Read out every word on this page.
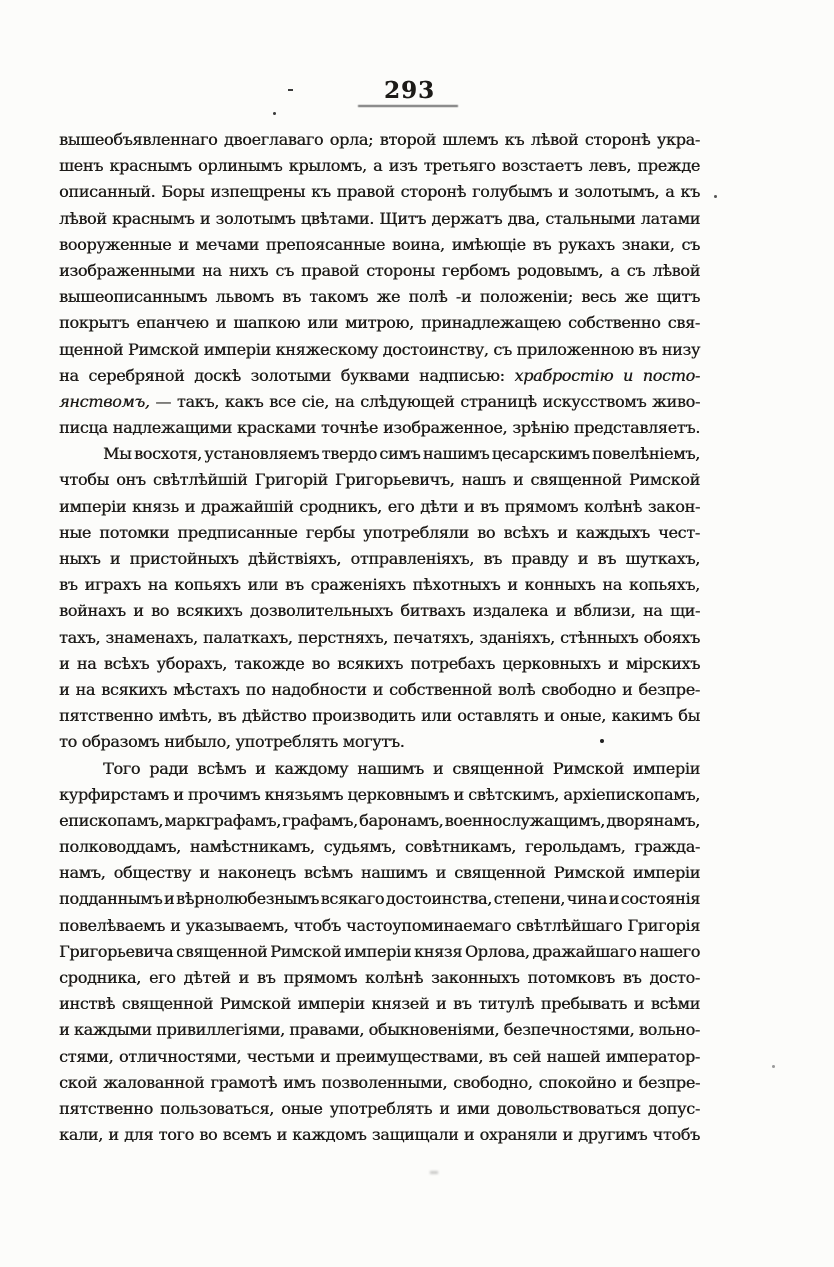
293
вышеобъявленнаго двоеглаваго орла; второй шлемъ къ лѣвой сторонѣ укра-
шенъ краснымъ орлинымъ крыломъ, а изъ третьяго возстаетъ левъ, прежде
описанный. Боры изпещрены къ правой сторонѣ голубымъ и золотымъ, а къ
лѣвой краснымъ и золотымъ цвѣтами. Щитъ держатъ два, стальными латами
вооруженные и мечами препоясанные воина, имѣющіе въ рукахъ знаки, съ
изображенными на нихъ съ правой стороны гербомъ родовымъ, а съ лѣвой
вышеописаннымъ львомъ въ такомъ же полѣ -и положеніи; весь же щитъ
покрытъ епанчею и шапкою или митрою, принадлежащею собственно свя-
щенной Римской имперіи княжескому достоинству, съ приложенною въ низу
на серебряной доскѣ золотыми буквами надписью: храбростію и посто-
янствомъ, — такъ, какъ все сіе, на слѣдующей страницѣ искусствомъ живо-
писца надлежащими красками точнѣе изображенное, зрѣнію представляетъ.
Мы восхотя, установляемъ твердо симъ нашимъ цесарскимъ повелѣніемъ,
чтобы онъ свѣтлѣйшій Григорій Григорьевичъ, нашъ и священной Римской
имперіи князь и дражайшій сродникъ, его дѣти и въ прямомъ колѣнѣ закон-
ные потомки предписанные гербы употребляли во всѣхъ и каждыхъ чест-
ныхъ и пристойныхъ дѣйствіяхъ, отправленіяхъ, въ правду и въ шуткахъ,
въ играхъ на копьяхъ или въ сраженіяхъ пѣхотныхъ и конныхъ на копьяхъ,
войнахъ и во всякихъ дозволительныхъ битвахъ издалека и вблизи, на щи-
тахъ, знаменахъ, палаткахъ, перстняхъ, печатяхъ, зданіяхъ, стѣнныхъ обояхъ
и на всѣхъ уборахъ, такожде во всякихъ потребахъ церковныхъ и мірскихъ
и на всякихъ мѣстахъ по надобности и собственной волѣ свободно и безпре-
пятственно имѣть, въ дѣйство производить или оставлять и оные, какимъ бы
то образомъ нибыло, употреблять могутъ.
Того ради всѣмъ и каждому нашимъ и священной Римской имперіи
курфирстамъ и прочимъ князьямъ церковнымъ и свѣтскимъ, архіепископамъ,
епископамъ, маркграфамъ, графамъ, баронамъ, военнослужащимъ, дворянамъ,
полководдамъ, намѣстникамъ, судьямъ, совѣтникамъ, герольдамъ, гражда-
намъ, обществу и наконецъ всѣмъ нашимъ и священной Римской имперіи
подданнымъ и вѣрнолюбезнымъ всякаго достоинства, степени, чина и состоянія
повелѣваемъ и указываемъ, чтобъ частоупоминаемаго свѣтлѣйшаго Григорія
Григорьевича священной Римской имперіи князя Орлова, дражайшаго нашего
сродника, его дѣтей и въ прямомъ колѣнѣ законныхъ потомковъ въ досто-
инствѣ священной Римской имперіи князей и въ титулѣ пребывать и всѣми
и каждыми привиллегіями, правами, обыкновеніями, безпечностями, вольно-
стями, отличностями, честьми и преимуществами, въ сей нашей император-
ской жалованной грамотѣ имъ позволенными, свободно, спокойно и безпре-
пятственно пользоваться, оные употреблять и ими довольствоваться допус-
кали, и для того во всемъ и каждомъ защищали и охраняли и другимъ чтобъ
